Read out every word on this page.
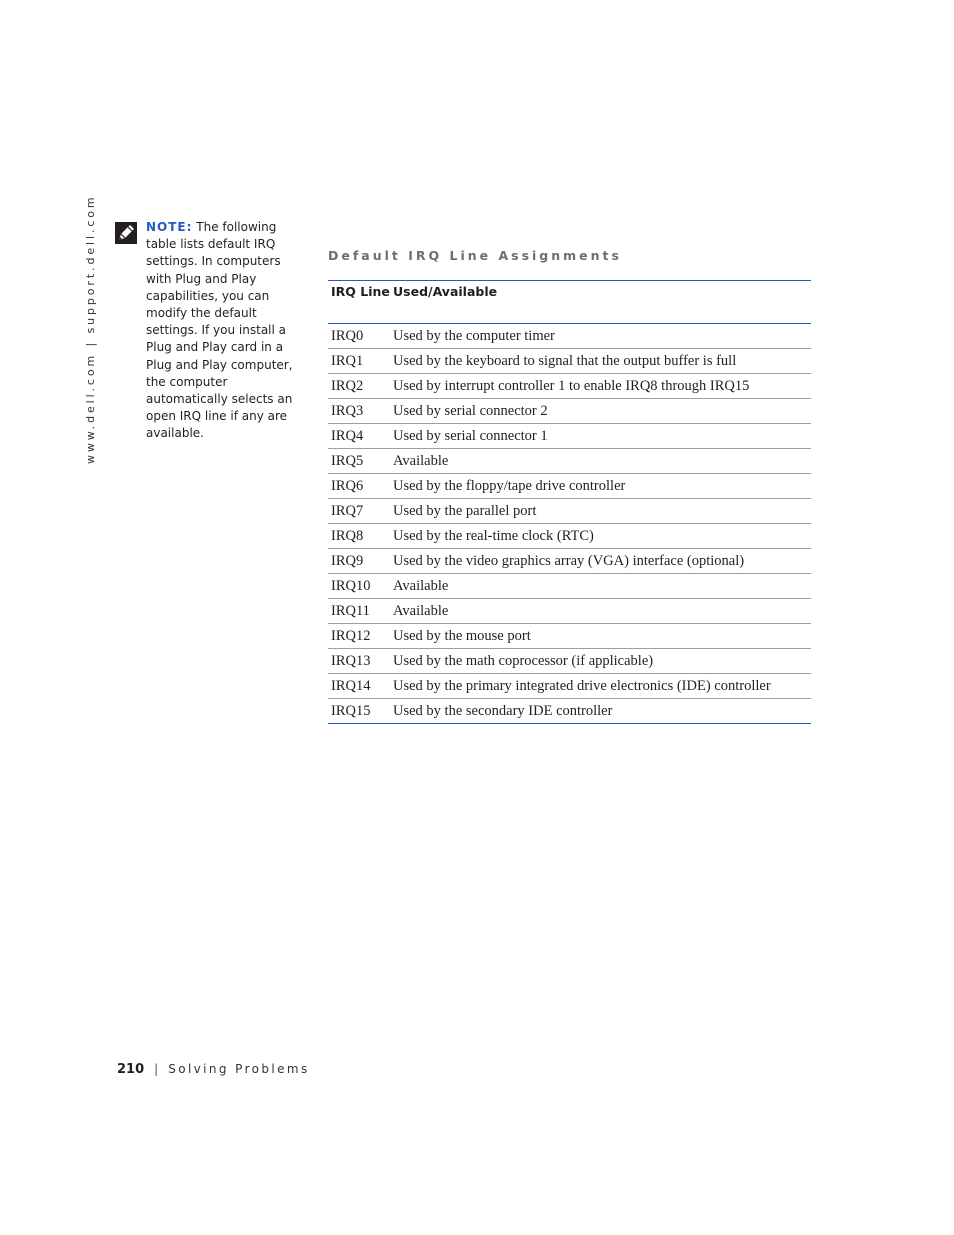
www.dell.com | support.dell.com	NOTE: The following table lists default IRQ settings. In computers with Plug and Play capabilities, you can modify the default settings. If you install a Plug and Play card in a Plug and Play computer, the computer automatically selects an open IRQ line if any are available.
Default IRQ Line Assignments
IRQ Line	Used/Available
IRQ0	Used by the computer timer
IRQ1	Used by the keyboard to signal that the output buffer is full
IRQ2	Used by interrupt controller 1 to enable IRQ8 through IRQ15
IRQ3	Used by serial connector 2
IRQ4	Used by serial connector 1
IRQ5	Available
IRQ6	Used by the floppy/tape drive controller
IRQ7	Used by the parallel port
IRQ8	Used by the real-time clock (RTC)
IRQ9	Used by the video graphics array (VGA) interface (optional)
IRQ10	Available
IRQ11	Available
IRQ12	Used by the mouse port
IRQ13	Used by the math coprocessor (if applicable)
IRQ14	Used by the primary integrated drive electronics (IDE) controller
IRQ15	Used by the secondary IDE controller
210 | Solving Problems
